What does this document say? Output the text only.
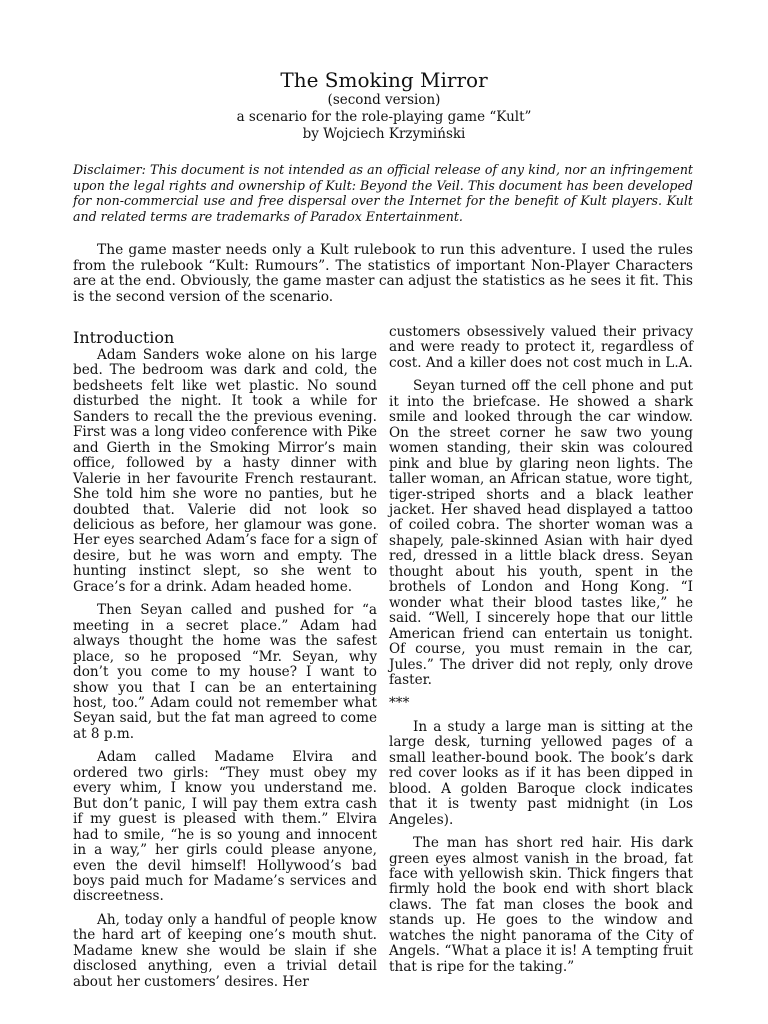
The Smoking Mirror

(second version)

a scenario for the role-playing game “Kult”

by Wojciech Krzymiński

Disclaimer: This document is not intended as an official release of any kind, nor an infringement upon the legal rights and ownership of Kult: Beyond the Veil. This document has been developed for non-commercial use and free dispersal over the Internet for the benefit of Kult players. Kult and related terms are trademarks of Paradox Entertainment.

The game master needs only a Kult rulebook to run this adventure. I used the rules from the rulebook “Kult: Rumours”. The statistics of important Non-Player Characters are at the end. Obviously, the game master can adjust the statistics as he sees it fit. This is the second version of the scenario.

Introduction

Adam Sanders woke alone on his large bed. The bedroom was dark and cold, the bedsheets felt like wet plastic. No sound disturbed the night. It took a while for Sanders to recall the the previous evening. First was a long video conference with Pike and Gierth in the Smoking Mirror’s main office, followed by a hasty dinner with Valerie in her favourite French restaurant. She told him she wore no panties, but he doubted that. Valerie did not look so delicious as before, her glamour was gone. Her eyes searched Adam’s face for a sign of desire, but he was worn and empty. The hunting instinct slept, so she went to Grace’s for a drink. Adam headed home.

Then Seyan called and pushed for “a meeting in a secret place.” Adam had always thought the home was the safest place, so he proposed “Mr. Seyan, why don’t you come to my house? I want to show you that I can be an entertaining host, too.” Adam could not remember what Seyan said, but the fat man agreed to come at 8 p.m.

Adam called Madame Elvira and ordered two girls: “They must obey my every whim, I know you understand me. But don’t panic, I will pay them extra cash if my guest is pleased with them.” Elvira had to smile, “he is so young and innocent in a way,” her girls could please anyone, even the devil himself! Hollywood’s bad boys paid much for Madame’s services and discreetness.

Ah, today only a handful of people know the hard art of keeping one’s mouth shut. Madame knew she would be slain if she disclosed anything, even a trivial detail about her customers’ desires. Her

customers obsessively valued their privacy and were ready to protect it, regardless of cost. And a killer does not cost much in L.A.

Seyan turned off the cell phone and put it into the briefcase. He showed a shark smile and looked through the car window. On the street corner he saw two young women standing, their skin was coloured pink and blue by glaring neon lights. The taller woman, an African statue, wore tight, tiger-striped shorts and a black leather jacket. Her shaved head displayed a tattoo of coiled cobra. The shorter woman was a shapely, pale-skinned Asian with hair dyed red, dressed in a little black dress. Seyan thought about his youth, spent in the brothels of London and Hong Kong. “I wonder what their blood tastes like,” he said. “Well, I sincerely hope that our little American friend can entertain us tonight. Of course, you must remain in the car, Jules.” The driver did not reply, only drove faster.

***

In a study a large man is sitting at the large desk, turning yellowed pages of a small leather-bound book. The book’s dark red cover looks as if it has been dipped in blood. A golden Baroque clock indicates that it is twenty past midnight (in Los Angeles).

The man has short red hair. His dark green eyes almost vanish in the broad, fat face with yellowish skin. Thick fingers that firmly hold the book end with short black claws. The fat man closes the book and stands up. He goes to the window and watches the night panorama of the City of Angels. “What a place it is! A tempting fruit that is ripe for the taking.”
